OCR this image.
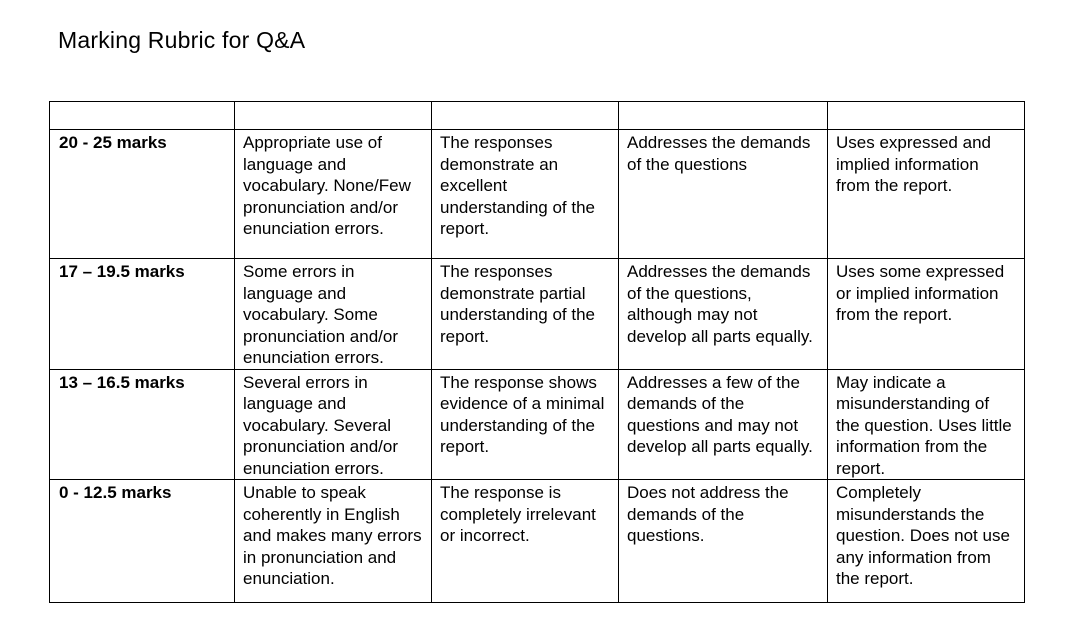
Marking Rubric for Q&A

20 - 25 marks	Appropriate use of language and vocabulary. None/Few pronunciation and/or enunciation errors.	The responses demonstrate an excellent understanding of the report.	Addresses the demands of the questions	Uses expressed and implied information from the report.
17 – 19.5 marks	Some errors in language and vocabulary. Some pronunciation and/or enunciation errors.	The responses demonstrate partial understanding of the report.	Addresses the demands of the questions, although may not develop all parts equally.	Uses some expressed or implied information from the report.
13 – 16.5 marks	Several errors in language and vocabulary. Several pronunciation and/or enunciation errors.	The response shows evidence of a minimal understanding of the report.	Addresses a few of the demands of the questions and may not develop all parts equally.	May indicate a misunderstanding of the question. Uses little information from the report.
0 - 12.5 marks	Unable to speak coherently in English and makes many errors in pronunciation and enunciation.	The response is completely irrelevant or incorrect.	Does not address the demands of the questions.	Completely misunderstands the question. Does not use any information from the report.
